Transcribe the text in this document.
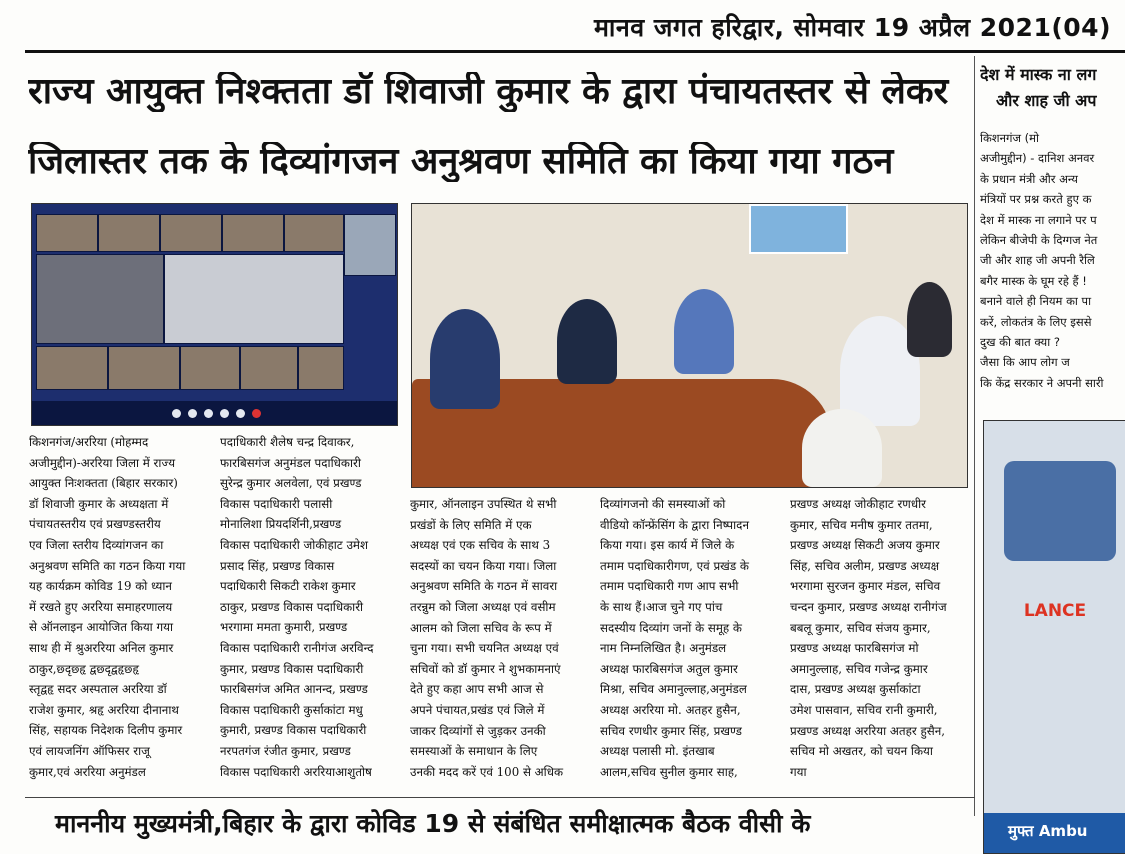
मानव जगत हरिद्वार, सोमवार 19 अप्रैल 2021(04)
राज्य आयुक्त निश्क्तता डॉ शिवाजी कुमार के द्वारा पंचायतस्तर से लेकर
जिलास्तर तक के दिव्यांगजन अनुश्रवण समिति का किया गया गठन
देश में मास्क ना लग
और शाह जी अप
किशनगंज (मो
अजीमुद्दीन) - दानिश अनवर
के प्रधान मंत्री और अन्य
मंत्रियों पर प्रश्न करते हुए क
देश में मास्क ना लगाने पर प
लेकिन बीजेपी के दिग्गज नेत
जी और शाह जी अपनी रैलि
बगैर मास्क के घूम रहे हैं !
बनाने वाले ही नियम का पा
करें, लोकतंत्र के लिए इससे
दुख की बात क्या ?
जैसा कि आप लोग ज
कि केंद्र सरकार ने अपनी सारी
LANCE
मुफ्त Ambu
किशनगंज/अररिया (मोहम्मद
अजीमुद्दीन)-अररिया जिला में राज्य
आयुक्त निःशक्तता (बिहार सरकार)
डॉ शिवाजी कुमार के अध्यक्षता में
पंचायतस्तरीय एवं प्रखण्डस्तरीय
एव जिला स्तरीय दिव्यांगजन का
अनुश्रवण समिति का गठन किया गया
यह कार्यक्रम कोविड 19 को ध्यान
में रखते हुए अररिया समाहरणालय
से ऑनलाइन आयोजित किया गया
साथ ही में श्रुअररिया अनिल कुमार
ठाकुर,छ्दृछ्हृ द्वछ्दृद्वहृछ्हृ
स्तृद्वहृ सदर अस्पताल अररिया डॉ
राजेश कुमार, श्रहृ अररिया दीनानाथ
सिंह, सहायक निदेशक दिलीप कुमार
एवं लायजनिंग ऑफिसर राजू
कुमार,एवं अररिया अनुमंडल
पदाधिकारी शैलेष चन्द्र दिवाकर,
फारबिसगंज अनुमंडल पदाधिकारी
सुरेन्द्र कुमार अलवेला, एवं प्रखण्ड
विकास पदाधिकारी पलासी
मोनालिशा प्रियदर्शिनी,प्रखण्ड
विकास पदाधिकारी जोकीहाट उमेश
प्रसाद सिंह, प्रखण्ड विकास
पदाधिकारी सिकटी राकेश कुमार
ठाकुर, प्रखण्ड विकास पदाधिकारी
भरगामा ममता कुमारी, प्रखण्ड
विकास पदाधिकारी रानीगंज अरविन्द
कुमार, प्रखण्ड विकास पदाधिकारी
फारबिसगंज अमित आनन्द, प्रखण्ड
विकास पदाधिकारी कुर्साकांटा मधु
कुमारी, प्रखण्ड विकास पदाधिकारी
नरपतगंज रंजीत कुमार, प्रखण्ड
विकास पदाधिकारी अररियाआशुतोष
कुमार, ऑनलाइन उपस्थित थे सभी
प्रखंडों के लिए समिति में एक
अध्यक्ष एवं एक सचिव के साथ 3
सदस्यों का चयन किया गया। जिला
अनुश्रवण समिति के गठन में सावरा
तरन्नुम को जिला अध्यक्ष एवं वसीम
आलम को जिला सचिव के रूप में
चुना गया। सभी चयनित अध्यक्ष एवं
सचिवों को डॉ कुमार ने शुभकामनाएं
देते हुए कहा आप सभी आज से
अपने पंचायत,प्रखंड एवं जिले में
जाकर दिव्यांगों से जुड़कर उनकी
समस्याओं के समाधान के लिए
उनकी मदद करें एवं 100 से अधिक
दिव्यांगजनो की समस्याओं को
वीडियो कॉन्फ्रेंसिंग के द्वारा निष्पादन
किया गया। इस कार्य में जिले के
तमाम पदाधिकारीगण, एवं प्रखंड के
तमाम पदाधिकारी गण आप सभी
के साथ हैं।आज चुने गए पांच
सदस्यीय दिव्यांग जनों के समूह के
नाम निम्नलिखित है। अनुमंडल
अध्यक्ष फारबिसगंज अतुल कुमार
मिश्रा, सचिव अमानुल्लाह,अनुमंडल
अध्यक्ष अररिया मो. अतहर हुसैन,
सचिव रणधीर कुमार सिंह, प्रखण्ड
अध्यक्ष पलासी मो. इंतखाब
आलम,सचिव सुनील कुमार साह,
प्रखण्ड अध्यक्ष जोकीहाट रणधीर
कुमार, सचिव मनीष कुमार ततमा,
प्रखण्ड अध्यक्ष सिकटी अजय कुमार
सिंह, सचिव अलीम, प्रखण्ड अध्यक्ष
भरगामा सुरजन कुमार मंडल, सचिव
चन्दन कुमार, प्रखण्ड अध्यक्ष रानीगंज
बबलू कुमार, सचिव संजय कुमार,
प्रखण्ड अध्यक्ष फारबिसगंज मो
अमानुल्लाह, सचिव गजेन्द्र कुमार
दास, प्रखण्ड अध्यक्ष कुर्साकांटा
उमेश पासवान, सचिव रानी कुमारी,
प्रखण्ड अध्यक्ष अररिया अतहर हुसैन,
सचिव मो अखतर, को चयन किया
गया
माननीय मुख्यमंत्री,बिहार के द्वारा कोविड 19 से संबंधित समीक्षात्मक बैठक वीसी के
